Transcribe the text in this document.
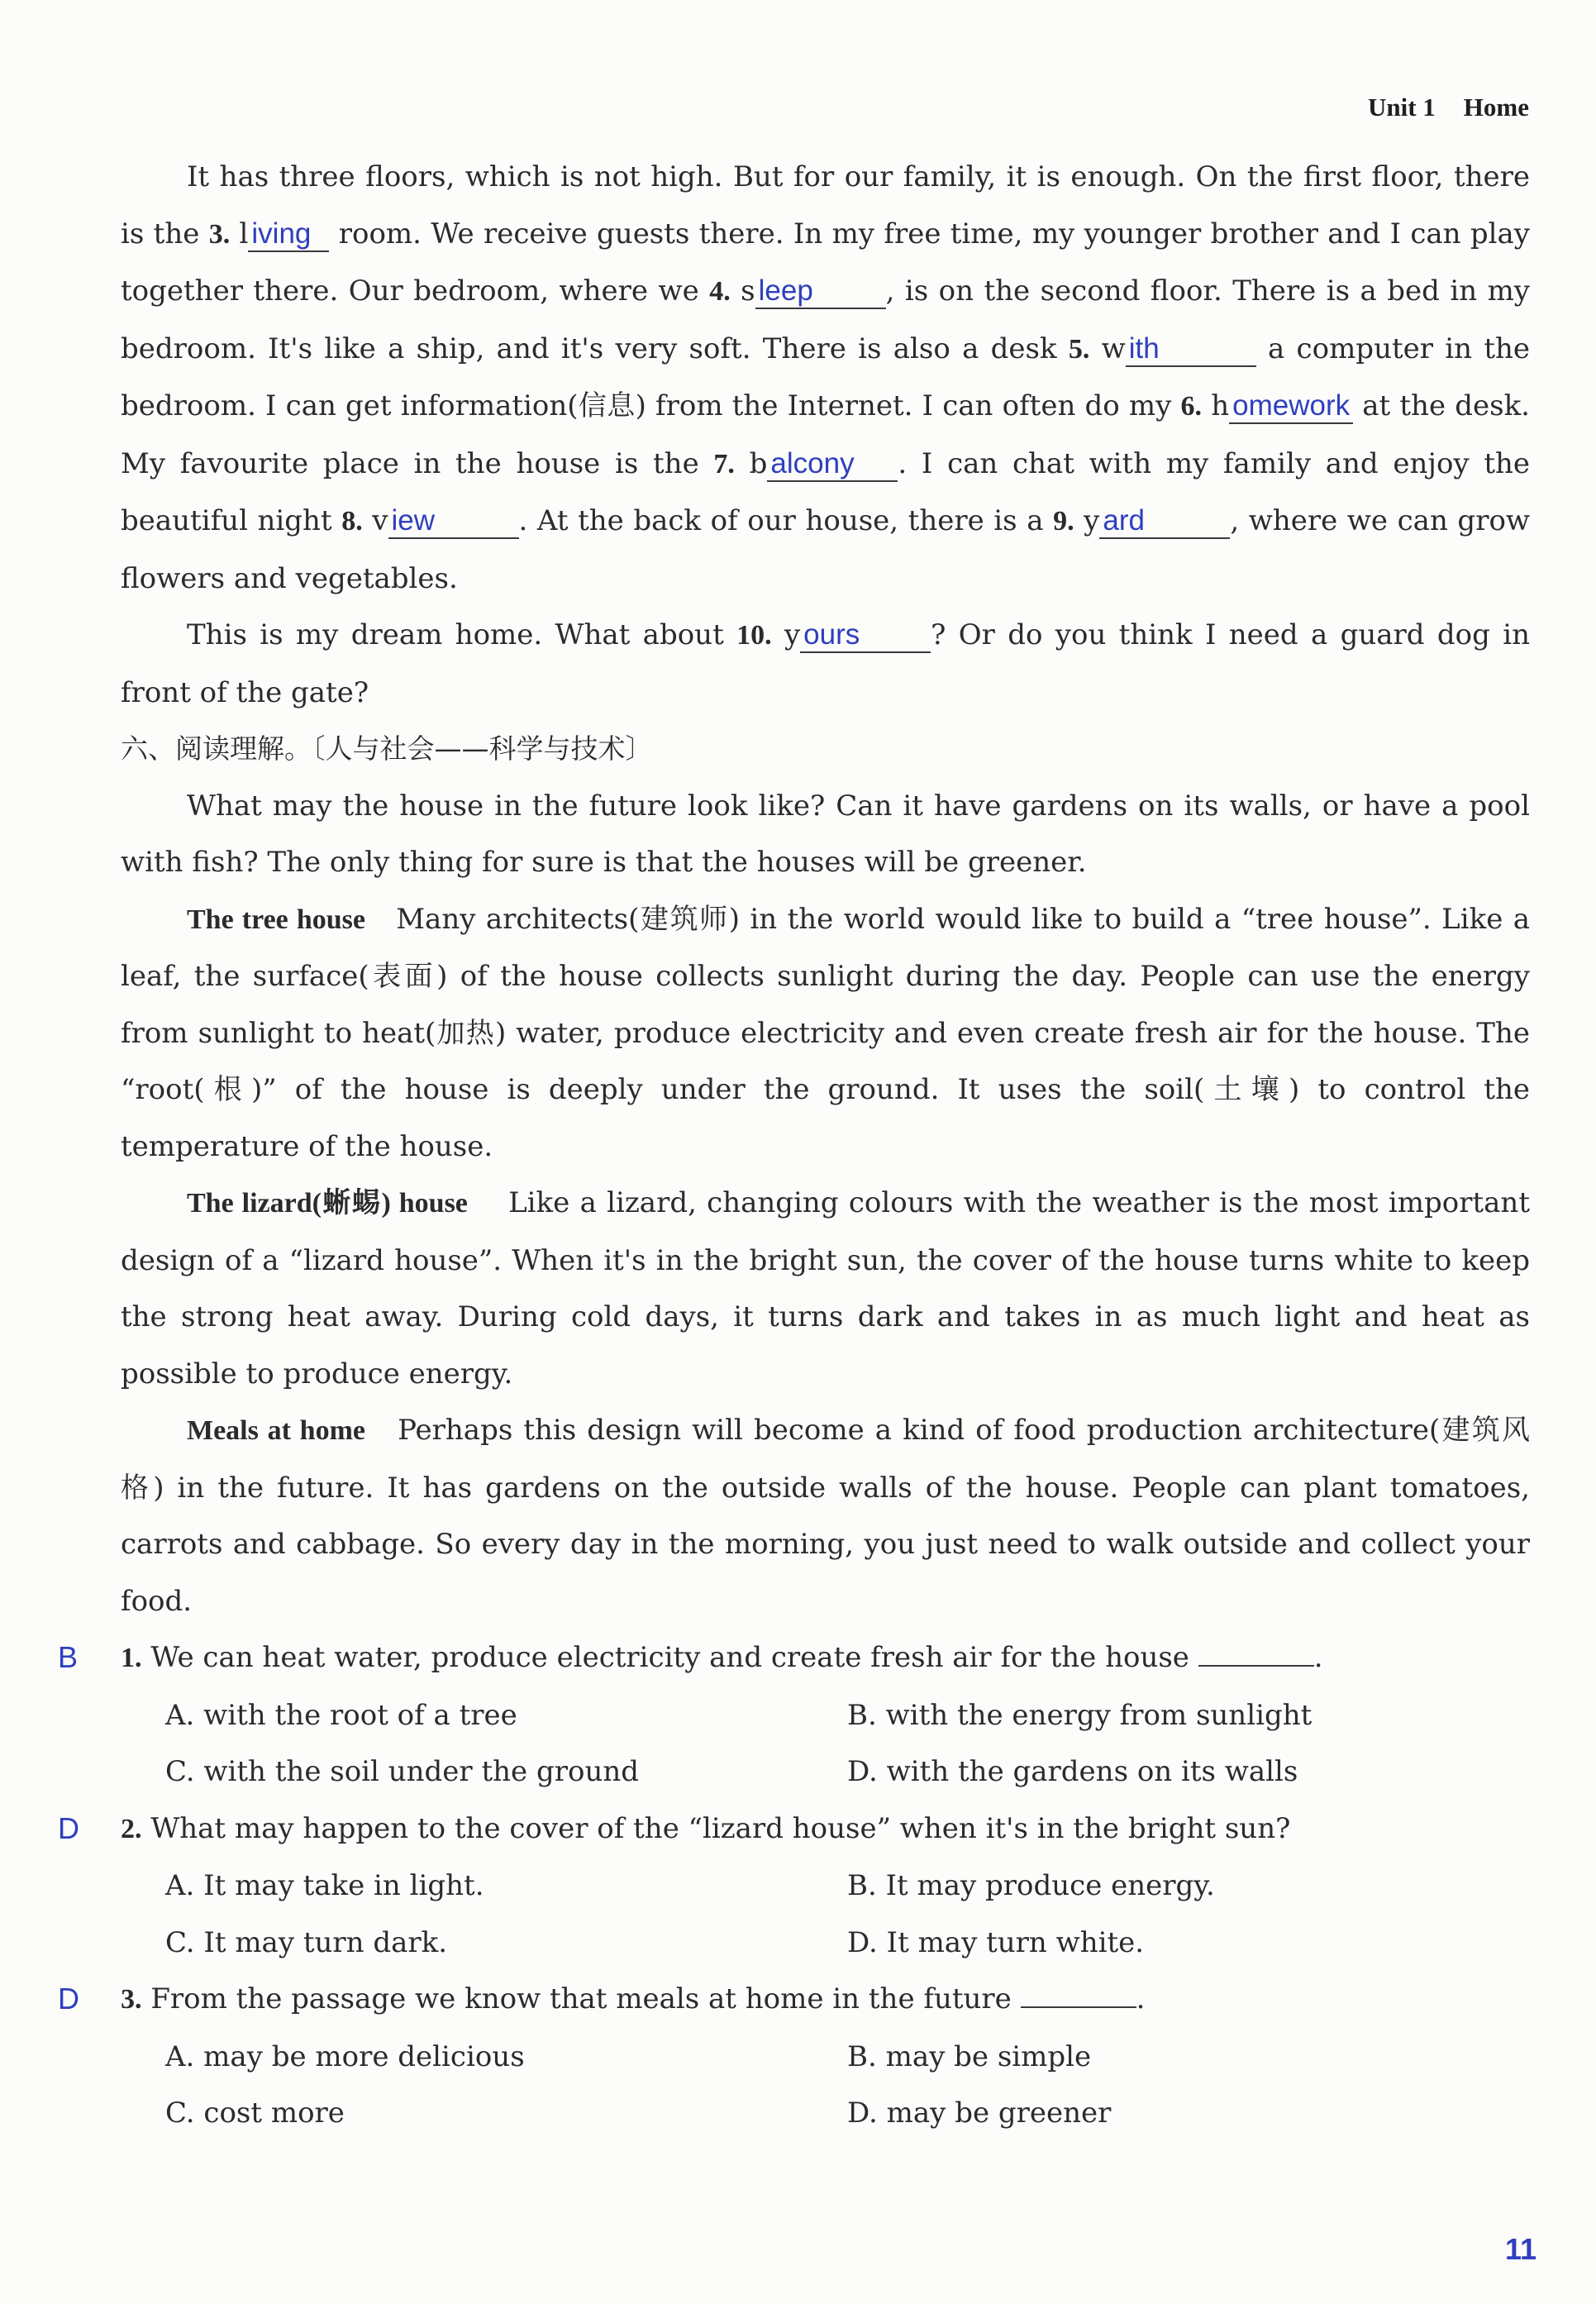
Unit 1 Home

It has three floors, which is not high. But for our family, it is enough. On the first floor, there is the 3. l iving room. We receive guests there. In my free time, my younger brother and I can play together there. Our bedroom, where we 4. s leep	, is on the second floor. There is a bed in my bedroom. It's like a ship, and it's very soft. There is also a desk 5. w ith	a computer in the bedroom. I can get information(信息) from the Internet. I can often do my 6. h omework at the desk. My favourite place in the house is the 7. b alcony . I can chat with my family and enjoy the beautiful night 8. v iew	. At the back of our house, there is a 9. y ard	, where we can grow flowers and vegetables.

This is my dream home. What about 10. y ours	? Or do you think I need a guard dog in front of the gate?

六、阅读理解。〔人与社会——科学与技术〕

What may the house in the future look like? Can it have gardens on its walls, or have a pool with fish? The only thing for sure is that the houses will be greener.

The tree house Many architects(建筑师) in the world would like to build a “tree house”. Like a leaf, the surface(表面) of the house collects sunlight during the day. People can use the energy from sunlight to heat(加热) water, produce electricity and even create fresh air for the house. The “root(根)” of the house is deeply under the ground. It uses the soil(土壤) to control the temperature of the house.

The lizard(蜥蜴) house Like a lizard, changing colours with the weather is the most important design of a “lizard house”. When it's in the bright sun, the cover of the house turns white to keep the strong heat away. During cold days, it turns dark and takes in as much light and heat as possible to produce energy.

Meals at home Perhaps this design will become a kind of food production architecture(建筑风格) in the future. It has gardens on the outside walls of the house. People can plant tomatoes, carrots and cabbage. So every day in the morning, you just need to walk outside and collect your food.

B 1. We can heat water, produce electricity and create fresh air for the house	.
A. with the root of a tree	B. with the energy from sunlight
C. with the soil under the ground	D. with the gardens on its walls
D 2. What may happen to the cover of the “lizard house” when it's in the bright sun?
A. It may take in light.	B. It may produce energy.
C. It may turn dark.	D. It may turn white.
D 3. From the passage we know that meals at home in the future	.
A. may be more delicious	B. may be simple
C. cost more	D. may be greener
11
